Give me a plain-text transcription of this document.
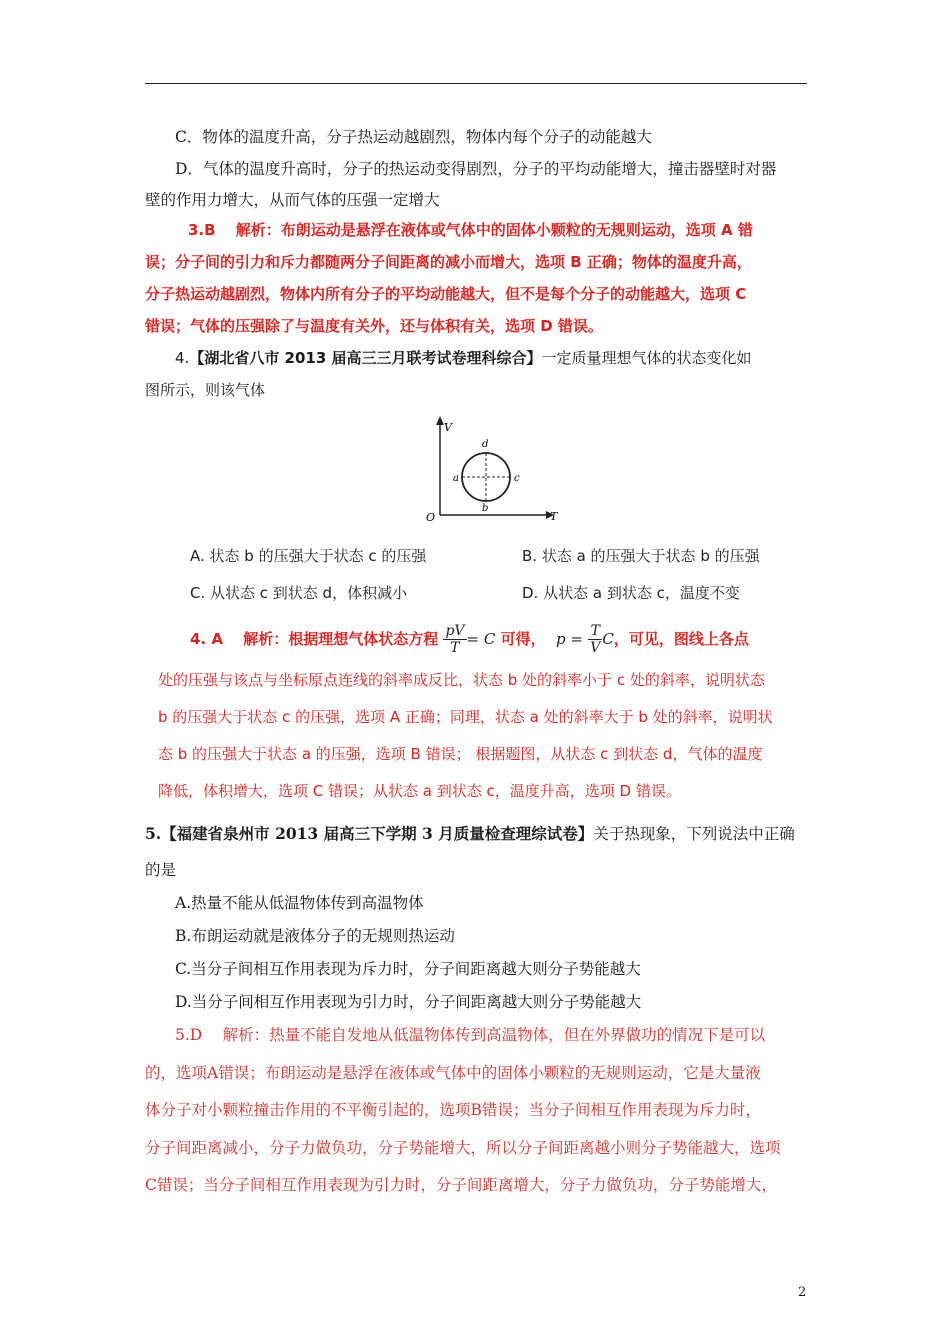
C．物体的温度升高，分子热运动越剧烈，物体内每个分子的动能越大
D．气体的温度升高时，分子的热运动变得剧烈，分子的平均动能增大，撞击器壁时对器
壁的作用力增大，从而气体的压强一定增大
3.B　 解析：布朗运动是悬浮在液体或气体中的固体小颗粒的无规则运动，选项 A 错
误；分子间的引力和斥力都随两分子间距离的减小而增大，选项 B 正确；物体的温度升高，
分子热运动越剧烈，物体内所有分子的平均动能越大，但不是每个分子的动能越大，选项 C
错误；气体的压强除了与温度有关外，还与体积有关，选项 D 错误。
4.【湖北省八市 2013 届高三三月联考试卷理科综合】一定质量理想气体的状态变化如
图所示，则该气体
V
T
O
d
b
a	c
A. 状态 b 的压强大于状态 c 的压强	B. 状态 a 的压强大于状态 b 的压强
C. 从状态 c 到状态 d，体积减小	D. 从状态 a 到状态 c，温度不变
4. A　 解析：根据理想气体状态方程 $\frac{pV}{T} = C$ 可得， $p = \frac{T}{V}$ C，可见，图线上各点
处的压强与该点与坐标原点连线的斜率成反比，状态 b 处的斜率小于 c 处的斜率，说明状态
b 的压强大于状态 c 的压强，选项 A 正确；同理，状态 a 处的斜率大于 b 处的斜率，说明状
态 b 的压强大于状态 a 的压强，选项 B 错误； 根据题图，从状态 c 到状态 d，气体的温度
降低，体积增大，选项 C 错误；从状态 a 到状态 c，温度升高，选项 D 错误。
5.【福建省泉州市 2013 届高三下学期 3 月质量检查理综试卷】关于热现象，下列说法中正确
的是
A.热量不能从低温物体传到高温物体
B.布朗运动就是液体分子的无规则热运动
C.当分子间相互作用表现为斥力时，分子间距离越大则分子势能越大
D.当分子间相互作用表现为引力时，分子间距离越大则分子势能越大
5.D　 解析：热量不能自发地从低温物体传到高温物体，但在外界做功的情况下是可以
的，选项A错误；布朗运动是悬浮在液体或气体中的固体小颗粒的无规则运动，它是大量液
体分子对小颗粒撞击作用的不平衡引起的，选项B错误；当分子间相互作用表现为斥力时，
分子间距离减小，分子力做负功，分子势能增大，所以分子间距离越小则分子势能越大，选项
C错误；当分子间相互作用表现为引力时，分子间距离增大，分子力做负功，分子势能增大，
2
